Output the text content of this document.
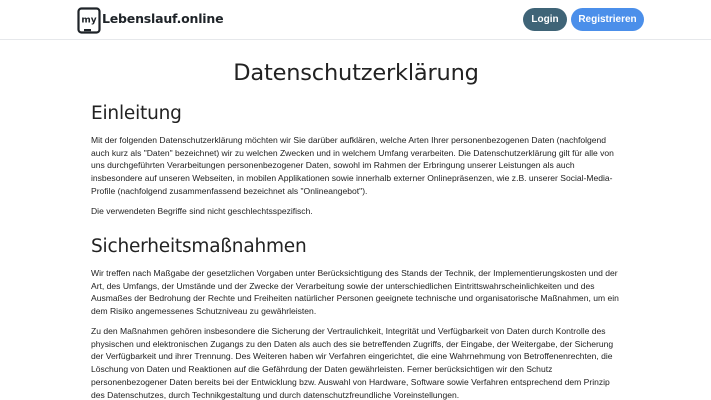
my Lebenslauf.online	Login	Registrieren
Datenschutzerklärung
Einleitung

Mit der folgenden Datenschutzerklärung möchten wir Sie darüber aufklären, welche Arten Ihrer personenbezogenen Daten (nachfolgend auch kurz als "Daten" bezeichnet) wir zu welchen Zwecken und in welchem Umfang verarbeiten. Die Datenschutzerklärung gilt für alle von uns durchgeführten Verarbeitungen personenbezogener Daten, sowohl im Rahmen der Erbringung unserer Leistungen als auch insbesondere auf unseren Webseiten, in mobilen Applikationen sowie innerhalb externer Onlinepräsenzen, wie z.B. unserer Social-Media-Profile (nachfolgend zusammenfassend bezeichnet als "Onlineangebot").

Die verwendeten Begriffe sind nicht geschlechtsspezifisch.

Sicherheitsmaßnahmen

Wir treffen nach Maßgabe der gesetzlichen Vorgaben unter Berücksichtigung des Stands der Technik, der Implementierungskosten und der Art, des Umfangs, der Umstände und der Zwecke der Verarbeitung sowie der unterschiedlichen Eintrittswahrscheinlichkeiten und des Ausmaßes der Bedrohung der Rechte und Freiheiten natürlicher Personen geeignete technische und organisatorische Maßnahmen, um ein dem Risiko angemessenes Schutzniveau zu gewährleisten.

Zu den Maßnahmen gehören insbesondere die Sicherung der Vertraulichkeit, Integrität und Verfügbarkeit von Daten durch Kontrolle des physischen und elektronischen Zugangs zu den Daten als auch des sie betreffenden Zugriffs, der Eingabe, der Weitergabe, der Sicherung der Verfügbarkeit und ihrer Trennung. Des Weiteren haben wir Verfahren eingerichtet, die eine Wahrnehmung von Betroffenenrechten, die Löschung von Daten und Reaktionen auf die Gefährdung der Daten gewährleisten. Ferner berücksichtigen wir den Schutz personenbezogener Daten bereits bei der Entwicklung bzw. Auswahl von Hardware, Software sowie Verfahren entsprechend dem Prinzip des Datenschutzes, durch Technikgestaltung und durch datenschutzfreundliche Voreinstellungen.
